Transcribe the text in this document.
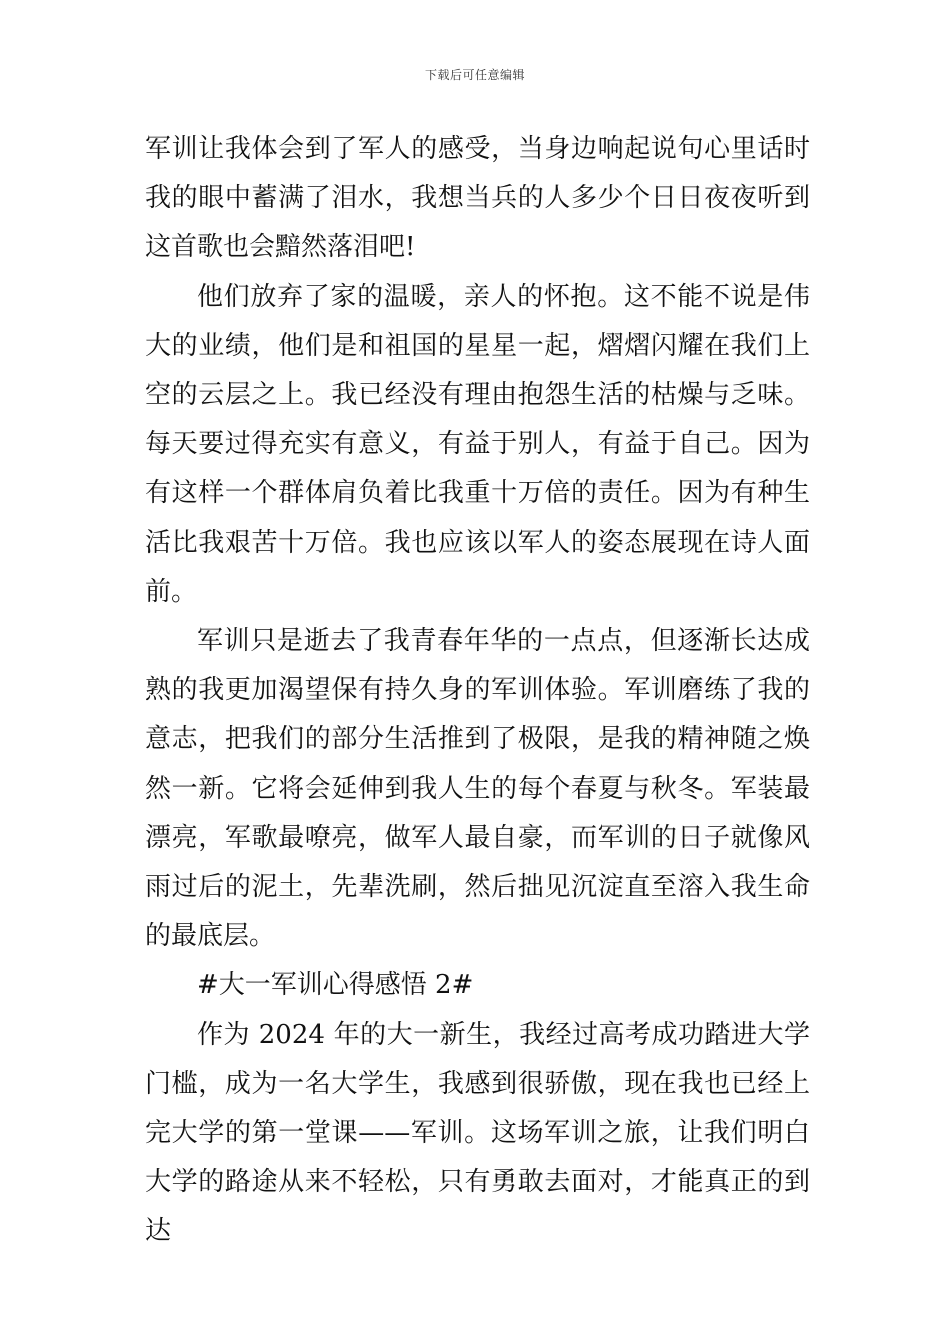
下载后可任意编辑

军训让我体会到了军人的感受，当身边响起说句心里话时我的眼中蓄满了泪水，我想当兵的人多少个日日夜夜听到这首歌也会黯然落泪吧!

他们放弃了家的温暖，亲人的怀抱。这不能不说是伟大的业绩，他们是和祖国的星星一起，熠熠闪耀在我们上空的云层之上。我已经没有理由抱怨生活的枯燥与乏味。每天要过得充实有意义，有益于别人，有益于自己。因为有这样一个群体肩负着比我重十万倍的责任。因为有种生活比我艰苦十万倍。我也应该以军人的姿态展现在诗人面前。

军训只是逝去了我青春年华的一点点，但逐渐长达成熟的我更加渴望保有持久身的军训体验。军训磨练了我的意志，把我们的部分生活推到了极限，是我的精神随之焕然一新。它将会延伸到我人生的每个春夏与秋冬。军装最漂亮，军歌最嘹亮，做军人最自豪，而军训的日子就像风雨过后的泥土，先辈洗刷，然后拙见沉淀直至溶入我生命的最底层。

#大一军训心得感悟 2#

作为 2024 年的大一新生，我经过高考成功踏进大学门槛，成为一名大学生，我感到很骄傲，现在我也已经上完大学的第一堂课——军训。这场军训之旅，让我们明白大学的路途从来不轻松，只有勇敢去面对，才能真正的到达
